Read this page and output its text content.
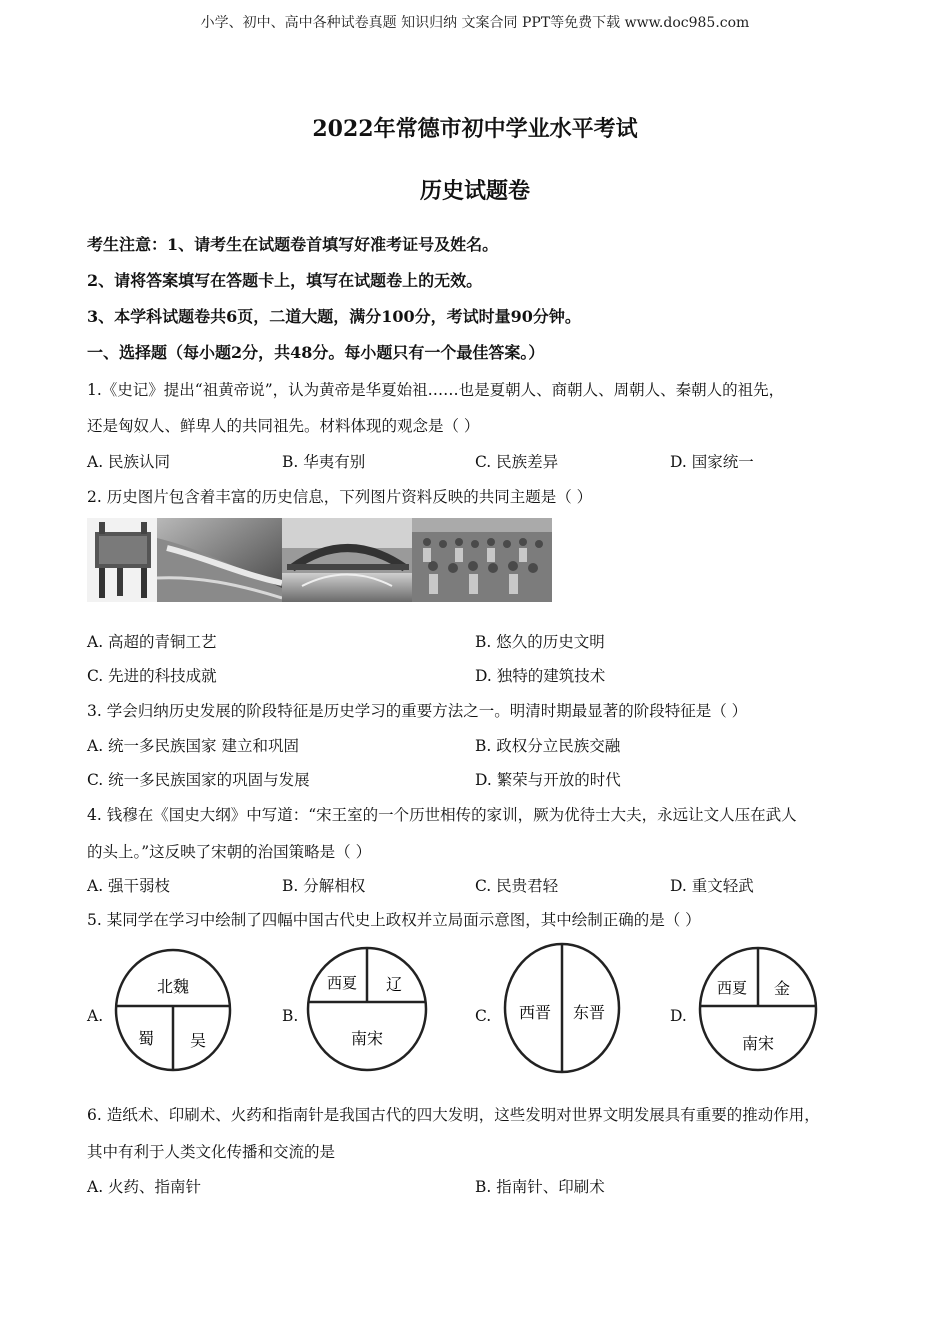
小学、初中、高中各种试卷真题 知识归纳 文案合同 PPT等免费下载 www.doc985.com
2022年常德市初中学业水平考试
历史试题卷
考生注意：1、请考生在试题卷首填写好准考证号及姓名。
2、请将答案填写在答题卡上，填写在试题卷上的无效。
3、本学科试题卷共6页，二道大题，满分100分，考试时量90分钟。
一、选择题（每小题2分，共48分。每小题只有一个最佳答案。）
1.《史记》提出“祖黄帝说”，认为黄帝是华夏始祖……也是夏朝人、商朝人、周朝人、秦朝人的祖先，
还是匈奴人、鲜卑人的共同祖先。材料体现的观念是（ ）
A. 民族认同	B. 华夷有别	C. 民族差异	D. 国家统一
2. 历史图片包含着丰富的历史信息，下列图片资料反映的共同主题是（ ）
A. 高超的青铜工艺	B. 悠久的历史文明
C. 先进的科技成就	D. 独特的建筑技术
3. 学会归纳历史发展的阶段特征是历史学习的重要方法之一。明清时期最显著的阶段特征是（ ）
A. 统一多民族国家 建立和巩固	B. 政权分立民族交融
C. 统一多民族国家的巩固与发展	D. 繁荣与开放的时代
4. 钱穆在《国史大纲》中写道：“宋王室的一个历世相传的家训，厥为优待士大夫，永远让文人压在武人
的头上。”这反映了宋朝的治国策略是（ ）
A. 强干弱枝	B. 分解相权	C. 民贵君轻	D. 重文轻武
5. 某同学在学习中绘制了四幅中国古代史上政权并立局面示意图，其中绘制正确的是（ ）
A.	B.	C.	D.
北魏
蜀 吴
西夏 辽
南宋
西晋 东晋
西夏 金
南宋
6. 造纸术、印刷术、火药和指南针是我国古代的四大发明，这些发明对世界文明发展具有重要的推动作用，
其中有利于人类文化传播和交流的是
A. 火药、指南针	B. 指南针、印刷术
